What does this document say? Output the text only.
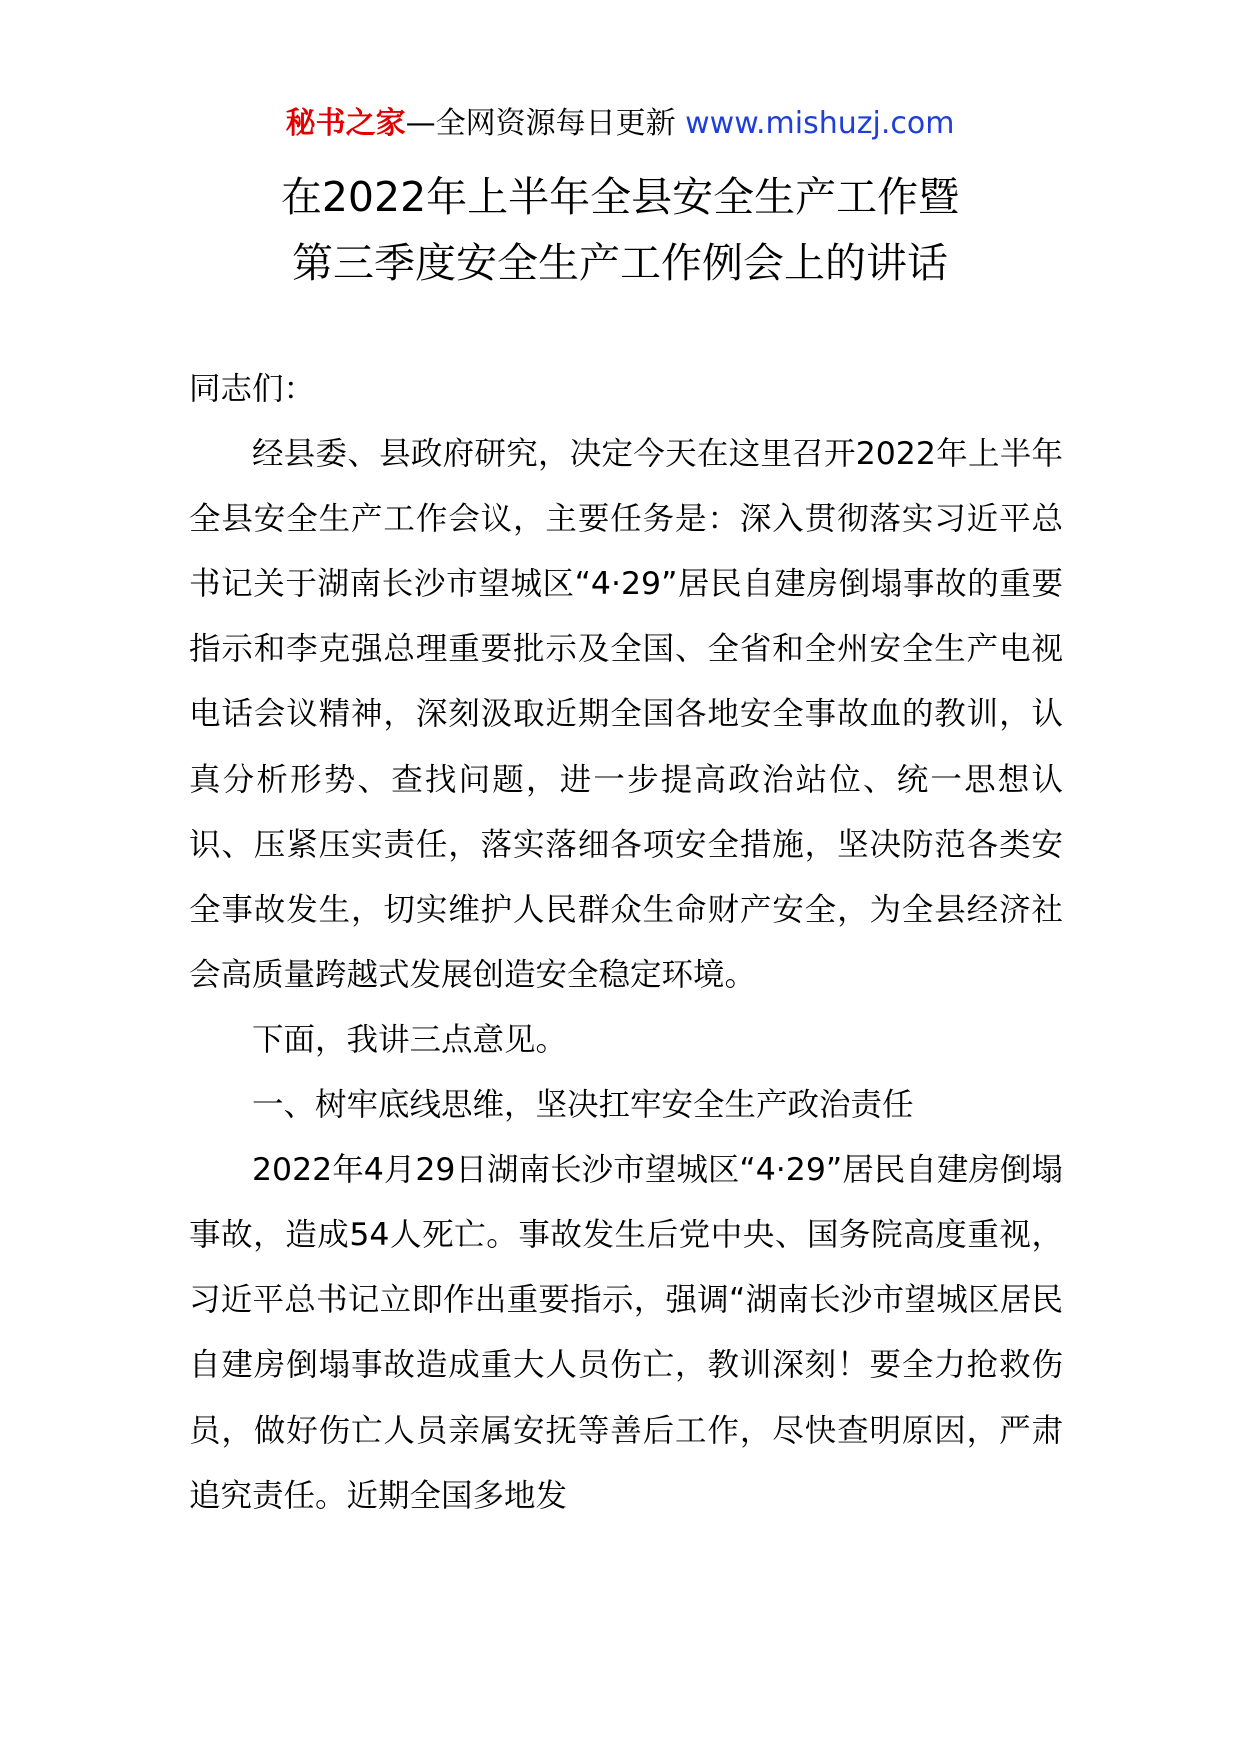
秘书之家—全网资源每日更新 www.mishuzj.com
在2022年上半年全县安全生产工作暨
第三季度安全生产工作例会上的讲话

同志们：

经县委、县政府研究，决定今天在这里召开2022年上半年全县安全生产工作会议，主要任务是：深入贯彻落实习近平总书记关于湖南长沙市望城区“4·29”居民自建房倒塌事故的重要指示和李克强总理重要批示及全国、全省和全州安全生产电视电话会议精神，深刻汲取近期全国各地安全事故血的教训，认真分析形势、查找问题，进一步提高政治站位、统一思想认识、压紧压实责任，落实落细各项安全措施，坚决防范各类安全事故发生，切实维护人民群众生命财产安全，为全县经济社会高质量跨越式发展创造安全稳定环境。

下面，我讲三点意见。

一、树牢底线思维，坚决扛牢安全生产政治责任

2022年4月29日湖南长沙市望城区“4·29”居民自建房倒塌事故，造成54人死亡。事故发生后党中央、国务院高度重视，习近平总书记立即作出重要指示，强调“湖南长沙市望城区居民自建房倒塌事故造成重大人员伤亡，教训深刻！要全力抢救伤员，做好伤亡人员亲属安抚等善后工作，尽快查明原因，严肃追究责任。近期全国多地发
